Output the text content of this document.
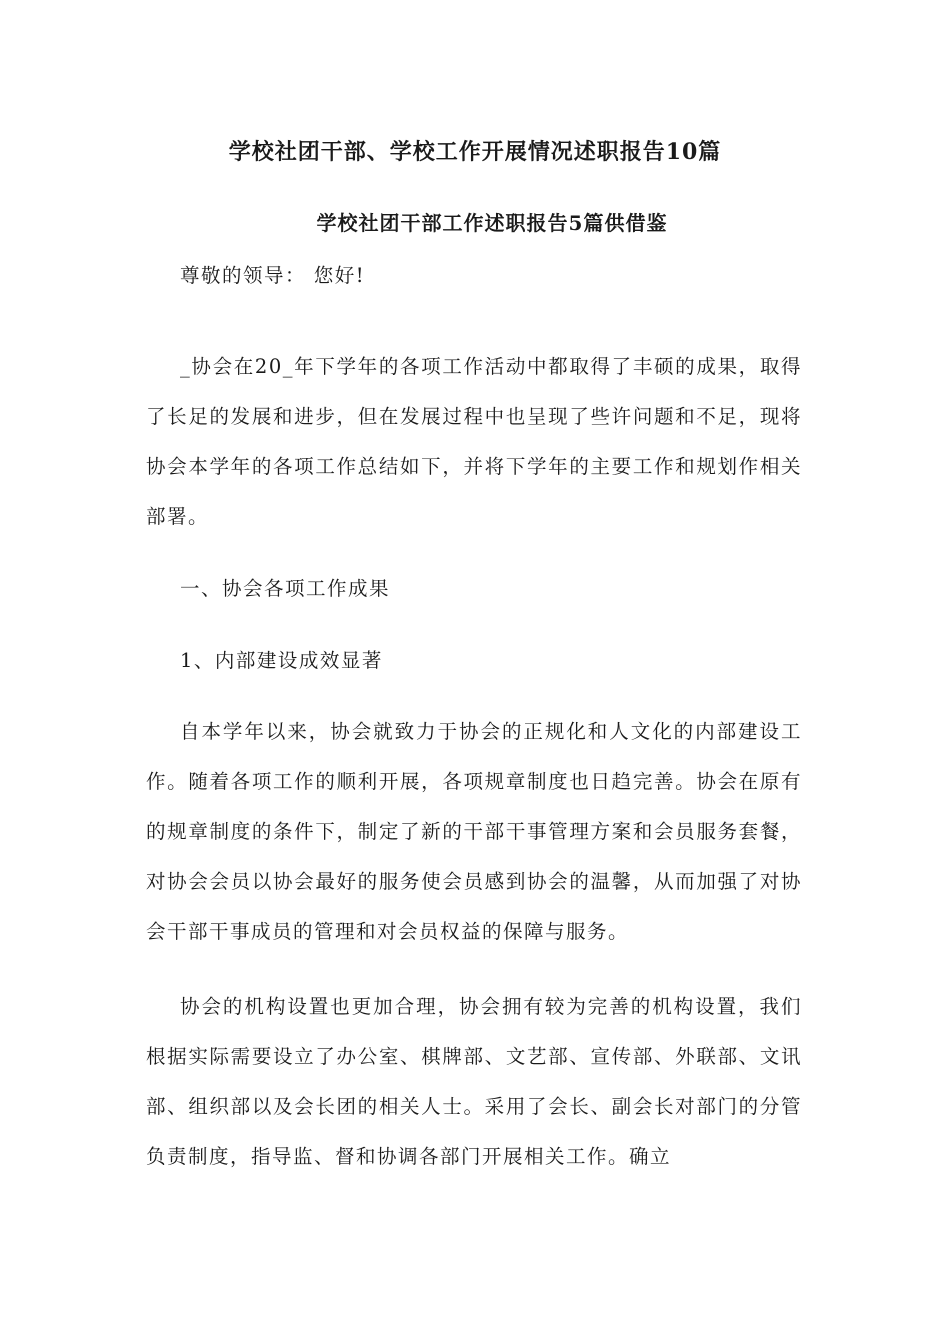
学校社团干部、学校工作开展情况述职报告10篇
学校社团干部工作述职报告5篇供借鉴
尊敬的领导： 您好!
_协会在20_年下学年的各项工作活动中都取得了丰硕的成果，取得了长足的发展和进步，但在发展过程中也呈现了些许问题和不足，现将协会本学年的各项工作总结如下，并将下学年的主要工作和规划作相关部署。
一、协会各项工作成果
1、内部建设成效显著
自本学年以来，协会就致力于协会的正规化和人文化的内部建设工作。随着各项工作的顺利开展，各项规章制度也日趋完善。协会在原有的规章制度的条件下，制定了新的干部干事管理方案和会员服务套餐，对协会会员以协会最好的服务使会员感到协会的温馨，从而加强了对协会干部干事成员的管理和对会员权益的保障与服务。
协会的机构设置也更加合理，协会拥有较为完善的机构设置，我们根据实际需要设立了办公室、棋牌部、文艺部、宣传部、外联部、文讯部、组织部以及会长团的相关人士。采用了会长、副会长对部门的分管负责制度，指导监、督和协调各部门开展相关工作。确立
